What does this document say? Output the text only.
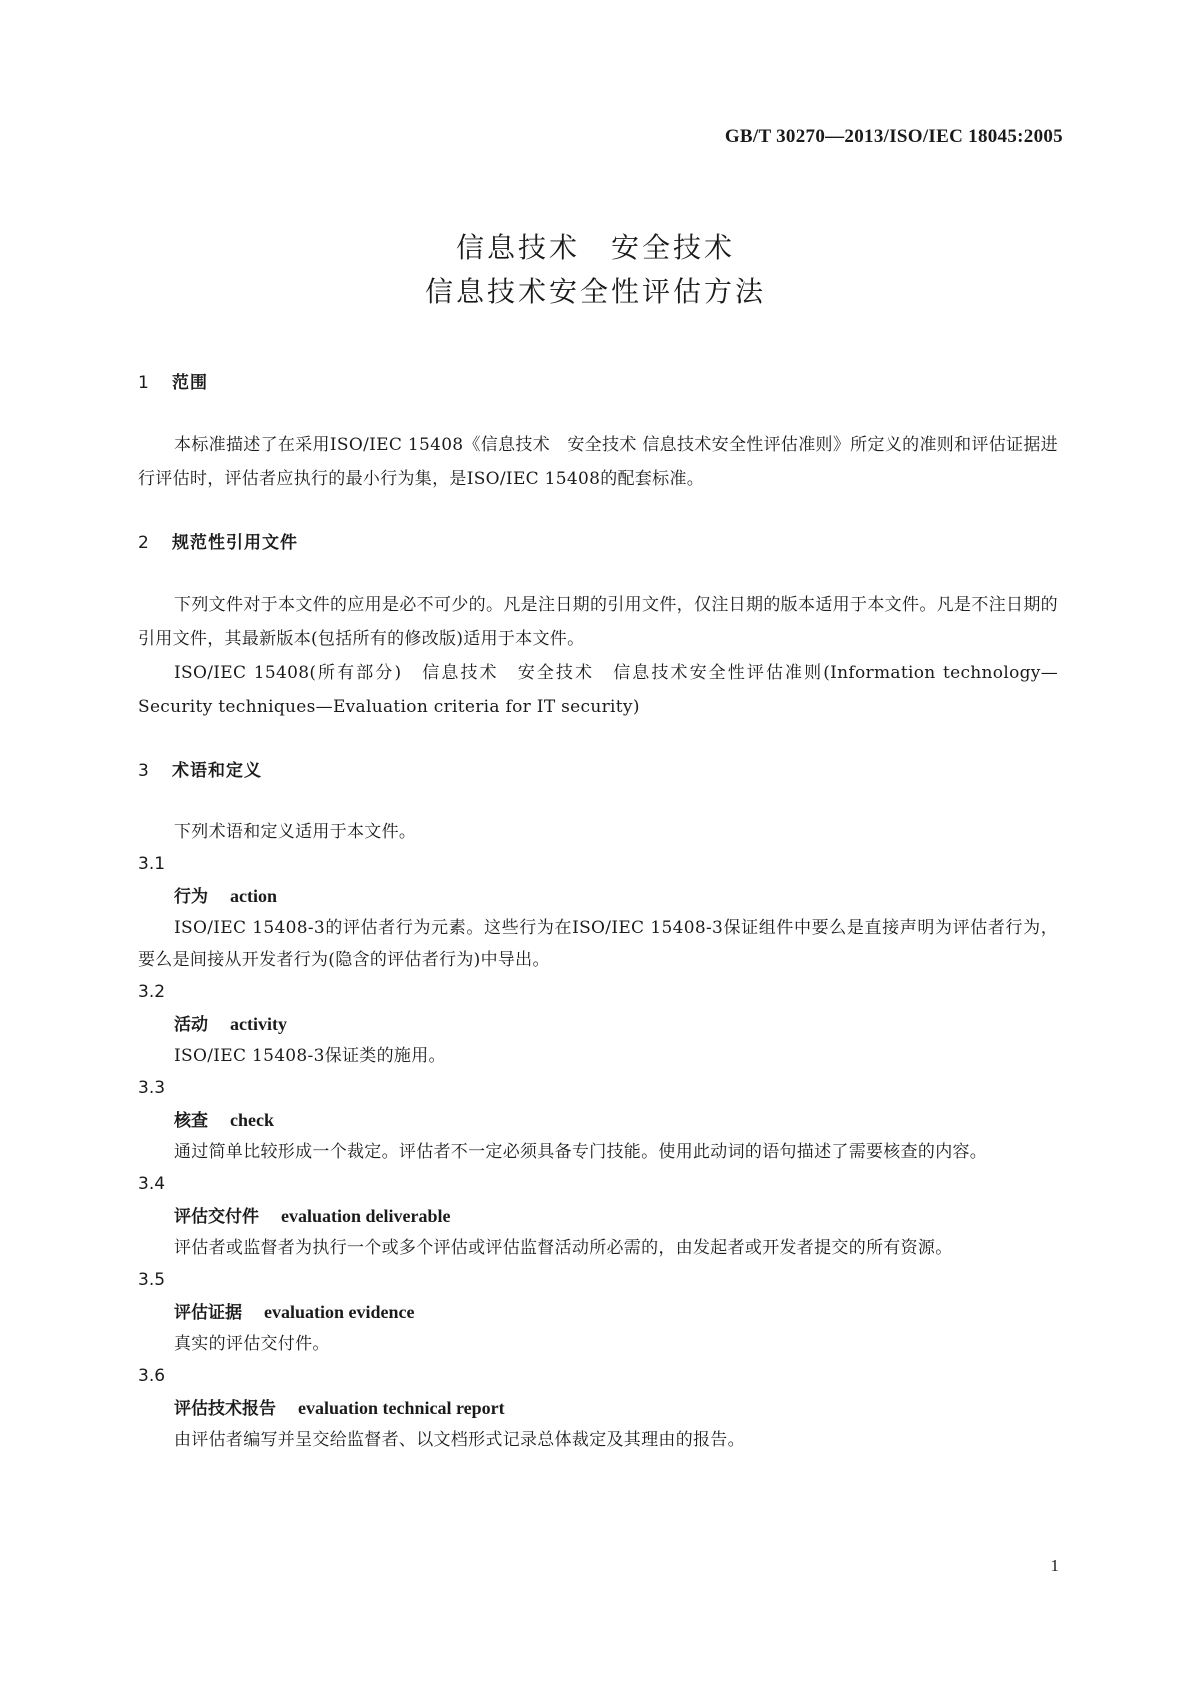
GB/T 30270—2013/ISO/IEC 18045:2005
信息技术　安全技术
信息技术安全性评估方法
1 范围

本标准描述了在采用ISO/IEC 15408《信息技术　安全技术 信息技术安全性评估准则》所定义的准则和评估证据进行评估时，评估者应执行的最小行为集，是ISO/IEC 15408的配套标准。

2 规范性引用文件

下列文件对于本文件的应用是必不可少的。凡是注日期的引用文件，仅注日期的版本适用于本文件。凡是不注日期的引用文件，其最新版本(包括所有的修改版)适用于本文件。

ISO/IEC 15408(所有部分)　信息技术　安全技术　信息技术安全性评估准则(Information technology—Security techniques—Evaluation criteria for IT security)

3 术语和定义

下列术语和定义适用于本文件。

3.1
行为 action

ISO/IEC 15408-3的评估者行为元素。这些行为在ISO/IEC 15408-3保证组件中要么是直接声明为评估者行为，要么是间接从开发者行为(隐含的评估者行为)中导出。

3.2
活动 activity

ISO/IEC 15408-3保证类的施用。

3.3
核查 check

通过简单比较形成一个裁定。评估者不一定必须具备专门技能。使用此动词的语句描述了需要核查的内容。

3.4
评估交付件 evaluation deliverable

评估者或监督者为执行一个或多个评估或评估监督活动所必需的，由发起者或开发者提交的所有资源。

3.5
评估证据 evaluation evidence

真实的评估交付件。

3.6
评估技术报告 evaluation technical report

由评估者编写并呈交给监督者、以文档形式记录总体裁定及其理由的报告。

1
